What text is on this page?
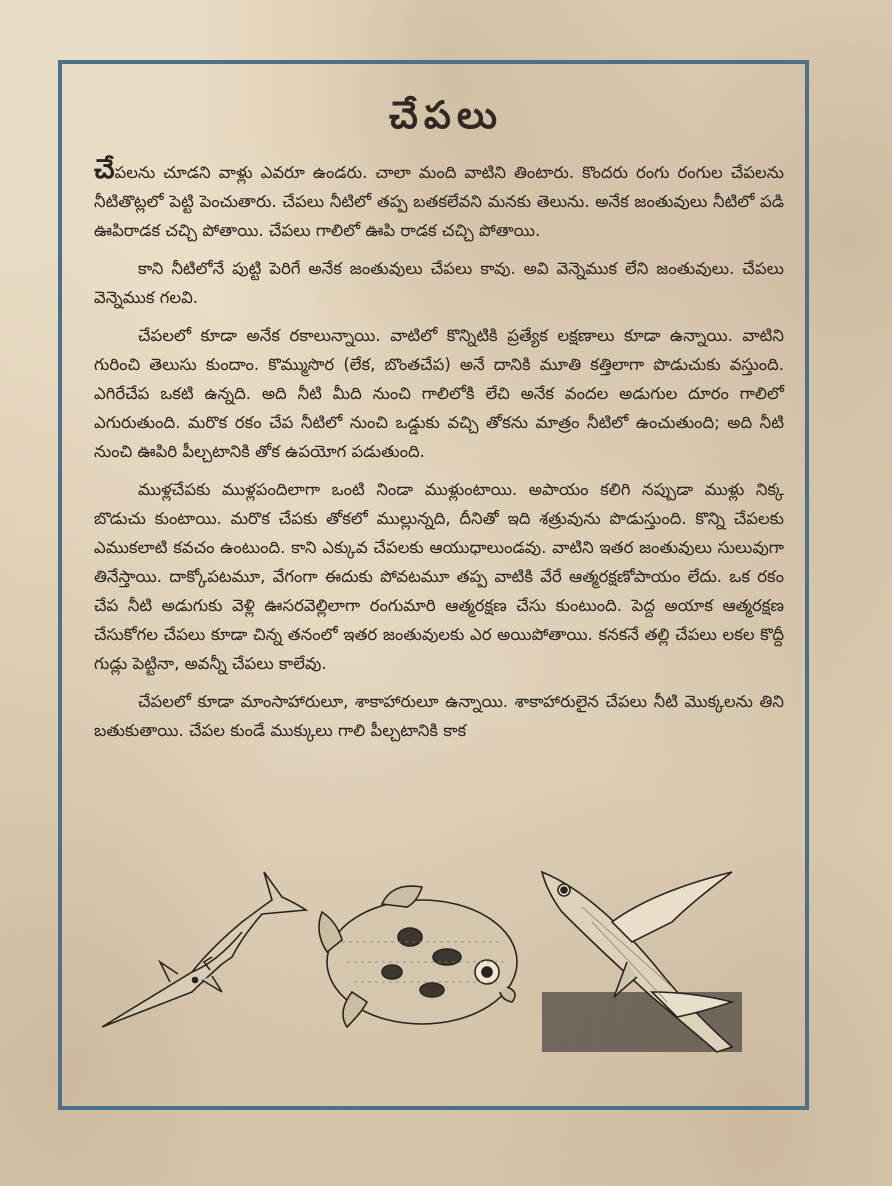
చేపలు

చేపలను చూడని వాళ్లు ఎవరూ ఉండరు. చాలా మంది వాటిని తింటారు. కొందరు రంగు రంగుల చేపలను నీటితొట్లలో పెట్టి పెంచుతారు. చేపలు నీటిలో తప్ప బతకలేవని మనకు తెలును. అనేక జంతువులు నీటిలో పడి ఊపిరాడక చచ్చి పోతాయి. చేపలు గాలిలో ఊపి రాడక చచ్చి పోతాయి.

కాని నీటిలోనే పుట్టి పెరిగే అనేక జంతువులు చేపలు కావు. అవి వెన్నెముక లేని జంతువులు. చేపలు వెన్నెముక గలవి.

చేపలలో కూడా అనేక రకాలున్నాయి. వాటిలో కొన్నిటికి ప్రత్యేక లక్షణాలు కూడా ఉన్నాయి. వాటిని గురించి తెలుసు కుందాం. కొమ్ముసొర (లేక, బొంతచేప) అనే దానికి మూతి కత్తిలాగా పొడుచుకు వస్తుంది. ఎగిరేచేప ఒకటి ఉన్నది. అది నీటి మీది నుంచి గాలిలోకి లేచి అనేక వందల అడుగుల దూరం గాలిలో ఎగురుతుంది. మరొక రకం చేప నీటిలో నుంచి ఒడ్డుకు వచ్చి తోకను మాత్రం నీటిలో ఉంచుతుంది; అది నీటి నుంచి ఊపిరి పీల్చటానికి తోక ఉపయోగ పడుతుంది.

ముళ్లచేపకు ముళ్లపందిలాగా ఒంటి నిండా ముళ్లుంటాయి. అపాయం కలిగి నప్పుడా ముళ్లు నిక్క బొడుచు కుంటాయి. మరొక చేపకు తోకలో ముల్లున్నది, దీనితో ఇది శత్రువును పొడుస్తుంది. కొన్ని చేపలకు ఎముకలాటి కవచం ఉంటుంది. కాని ఎక్కువ చేపలకు ఆయుధాలుండవు. వాటిని ఇతర జంతువులు సులువుగా తినేస్తాయి. దాక్కోపటమూ, వేగంగా ఈదుకు పోవటమూ తప్ప వాటికి వేరే ఆత్మరక్షణోపాయం లేదు. ఒక రకం చేప నీటి అడుగుకు వెళ్లి ఊసరవెల్లిలాగా రంగుమారి ఆత్మరక్షణ చేసు కుంటుంది. పెద్ద అయాక ఆత్మరక్షణ చేసుకోగల చేపలు కూడా చిన్న తనంలో ఇతర జంతువులకు ఎర అయిపోతాయి. కనకనే తల్లి చేపలు లకల కొద్దీ గుడ్లు పెట్టినా, అవన్నీ చేపలు కాలేవు.

చేపలలో కూడా మాంసాహారులూ, శాకాహారులూ ఉన్నాయి. శాకాహారులైన చేపలు నీటి మొక్కలను తిని బతుకుతాయి. చేపల కుండే ముక్కులు గాలి పీల్చటానికి కాక
